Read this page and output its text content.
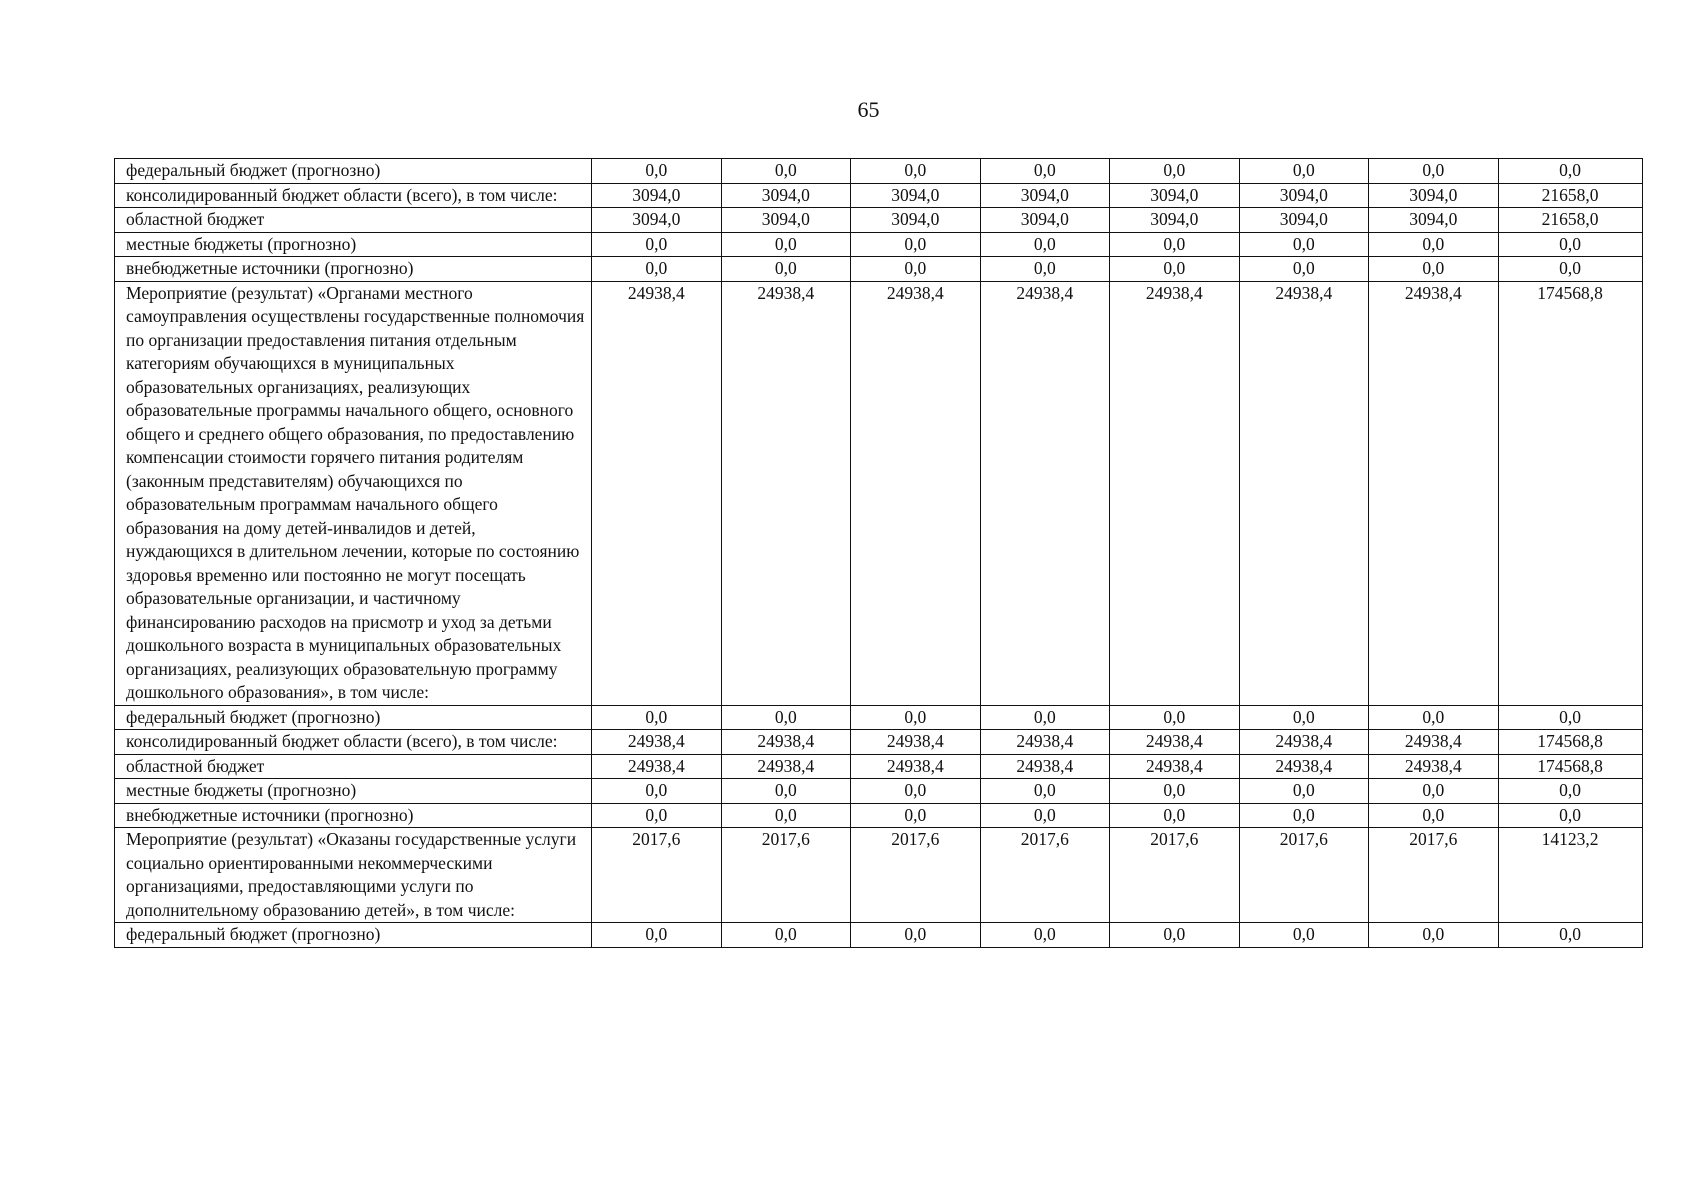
65
федеральный бюджет (прогнозно)	0,0	0,0	0,0	0,0	0,0	0,0	0,0	0,0
консолидированный бюджет области (всего), в том числе:	3094,0	3094,0	3094,0	3094,0	3094,0	3094,0	3094,0	21658,0
областной бюджет	3094,0	3094,0	3094,0	3094,0	3094,0	3094,0	3094,0	21658,0
местные бюджеты (прогнозно)	0,0	0,0	0,0	0,0	0,0	0,0	0,0	0,0
внебюджетные источники (прогнозно)	0,0	0,0	0,0	0,0	0,0	0,0	0,0	0,0
Мероприятие (результат) «Органами местного самоуправления осуществлены государственные полномочия по организации предоставления питания отдельным категориям обучающихся в муниципальных образовательных организациях, реализующих образовательные программы начального общего, основного общего и среднего общего образования, по предоставлению компенсации стоимости горячего питания родителям (законным представителям) обучающихся по образовательным программам начального общего образования на дому детей-инвалидов и детей, нуждающихся в длительном лечении, которые по состоянию здоровья временно или постоянно не могут посещать образовательные организации, и частичному финансированию расходов на присмотр и уход за детьми дошкольного возраста в муниципальных образовательных организациях, реализующих образовательную программу дошкольного образования», в том числе:	24938,4	24938,4	24938,4	24938,4	24938,4	24938,4	24938,4	174568,8
федеральный бюджет (прогнозно)	0,0	0,0	0,0	0,0	0,0	0,0	0,0	0,0
консолидированный бюджет области (всего), в том числе:	24938,4	24938,4	24938,4	24938,4	24938,4	24938,4	24938,4	174568,8
областной бюджет	24938,4	24938,4	24938,4	24938,4	24938,4	24938,4	24938,4	174568,8
местные бюджеты (прогнозно)	0,0	0,0	0,0	0,0	0,0	0,0	0,0	0,0
внебюджетные источники (прогнозно)	0,0	0,0	0,0	0,0	0,0	0,0	0,0	0,0
Мероприятие (результат) «Оказаны государственные услуги социально ориентированными некоммерческими организациями, предоставляющими услуги по дополнительному образованию детей», в том числе:	2017,6	2017,6	2017,6	2017,6	2017,6	2017,6	2017,6	14123,2
федеральный бюджет (прогнозно)	0,0	0,0	0,0	0,0	0,0	0,0	0,0	0,0
